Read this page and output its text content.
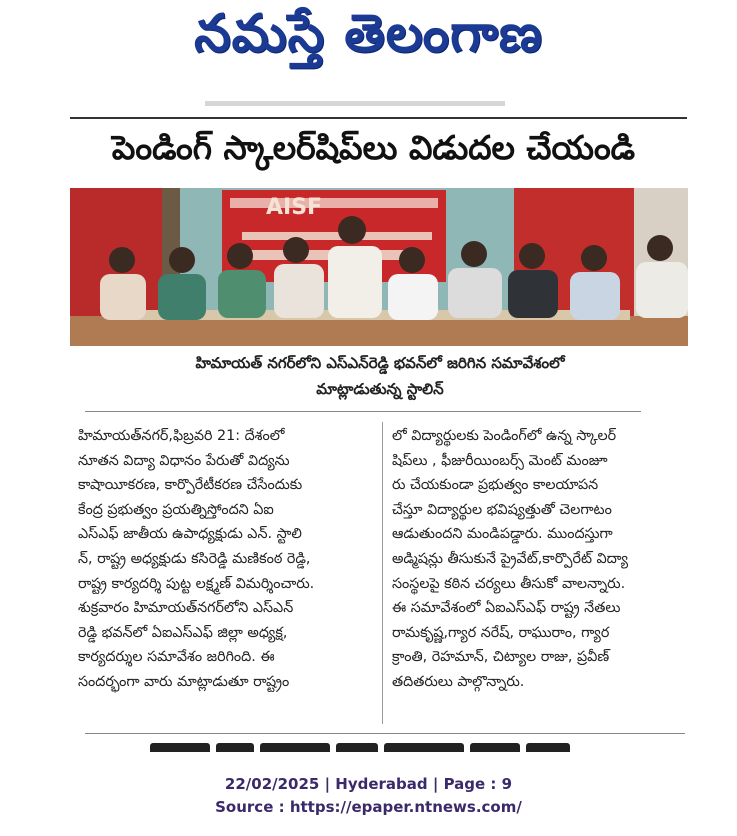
నమస్తే తెలంగాణ
పెండింగ్ స్కాలర్‌షిప్‌లు విడుదల చేయండి
AISF
హిమాయత్ నగర్‌లోని ఎస్ఎన్‌రెడ్డి భవన్‌లో జరిగిన సమావేశంలో
మాట్లాడుతున్న స్టాలిన్
హిమాయత్‌నగర్,ఫిబ్రవరి 21: దేశంలో
నూతన విద్యా విధానం పేరుతో విద్యను
కాషాయీకరణ, కార్పొరేటీకరణ చేసేందుకు
కేంద్ర ప్రభుత్వం ప్రయత్నిస్తోందని ఏఐ
ఎస్ఎఫ్ జాతీయ ఉపాధ్యక్షుడు ఎన్. స్టాలి
న్, రాష్ట్ర అధ్యక్షుడు కసిరెడ్డి మణికంఠ రెడ్డి,
రాష్ట్ర కార్యదర్శి పుట్ట లక్ష్మణ్ విమర్శించారు.
శుక్రవారం హిమాయత్‌నగర్‌లోని ఎస్ఎన్
రెడ్డి భవన్‌లో ఏఐఎస్ఎఫ్ జిల్లా అధ్యక్ష,
కార్యదర్శుల సమావేశం జరిగింది. ఈ
సందర్భంగా వారు మాట్లాడుతూ రాష్ట్రం
లో విద్యార్థులకు పెండింగ్‌లో ఉన్న స్కాలర్
షిప్‌లు , ఫీజురీయింబర్స్ మెంట్ మంజూ
రు చేయకుండా ప్రభుత్వం కాలయాపన
చేస్తూ విద్యార్థుల భవిష్యత్తుతో చెలగాటం
ఆడుతుందని మండిపడ్డారు. ముందస్తుగా
అడ్మిషన్లు తీసుకునే ప్రైవేట్,కార్పొరేట్ విద్యా
సంస్థలపై కఠిన చర్యలు తీసుకో వాలన్నారు.
ఈ సమావేశంలో ఏఐఎస్ఎఫ్ రాష్ట్ర నేతలు
రామకృష్ణ,గ్యార నరేష్, రాఘురాం, గ్యార
క్రాంతి, రెహమాన్, చిట్యాల రాజు, ప్రవీణ్
తదితరులు పాల్గొన్నారు.
22/02/2025 | Hyderabad | Page : 9
Source : https://epaper.ntnews.com/
